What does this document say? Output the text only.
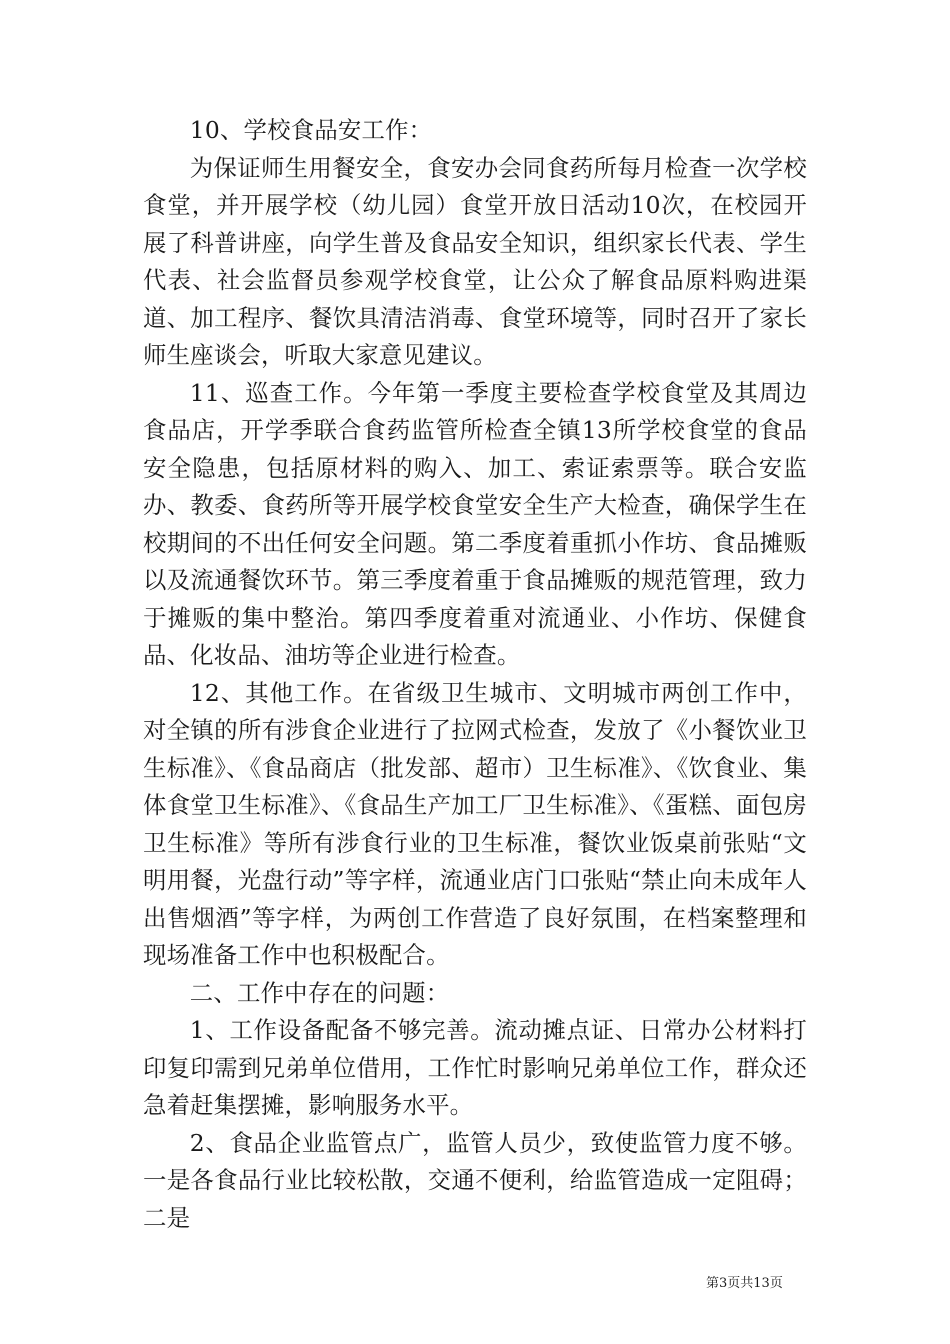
10、学校食品安工作：

为保证师生用餐安全，食安办会同食药所每月检查一次学校食堂，并开展学校（幼儿园）食堂开放日活动10次，在校园开展了科普讲座，向学生普及食品安全知识，组织家长代表、学生代表、社会监督员参观学校食堂，让公众了解食品原料购进渠道、加工程序、餐饮具清洁消毒、食堂环境等，同时召开了家长师生座谈会，听取大家意见建议。

11、巡查工作。今年第一季度主要检查学校食堂及其周边食品店，开学季联合食药监管所检查全镇13所学校食堂的食品安全隐患，包括原材料的购入、加工、索证索票等。联合安监办、教委、食药所等开展学校食堂安全生产大检查，确保学生在校期间的不出任何安全问题。第二季度着重抓小作坊、食品摊贩以及流通餐饮环节。第三季度着重于食品摊贩的规范管理，致力于摊贩的集中整治。第四季度着重对流通业、小作坊、保健食品、化妆品、油坊等企业进行检查。

12、其他工作。在省级卫生城市、文明城市两创工作中，对全镇的所有涉食企业进行了拉网式检查，发放了《小餐饮业卫生标准》、《食品商店（批发部、超市）卫生标准》、《饮食业、集体食堂卫生标准》、《食品生产加工厂卫生标准》、《蛋糕、面包房卫生标准》等所有涉食行业的卫生标准，餐饮业饭桌前张贴“文明用餐，光盘行动”等字样，流通业店门口张贴“禁止向未成年人出售烟酒”等字样，为两创工作营造了良好氛围，在档案整理和现场准备工作中也积极配合。

二、工作中存在的问题：

1、工作设备配备不够完善。流动摊点证、日常办公材料打印复印需到兄弟单位借用，工作忙时影响兄弟单位工作，群众还急着赶集摆摊，影响服务水平。

2、食品企业监管点广，监管人员少，致使监管力度不够。一是各食品行业比较松散，交通不便利，给监管造成一定阻碍；二是

第3页共13页
